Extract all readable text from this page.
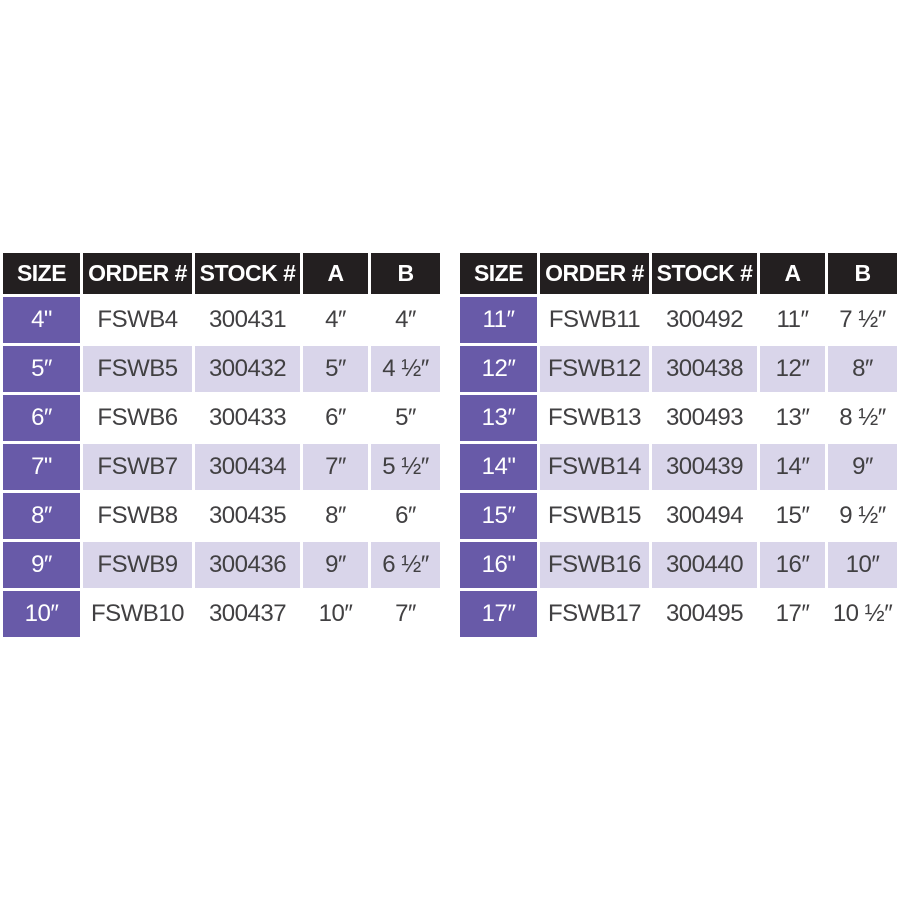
SIZE	ORDER #	STOCK #	A	B
4"	FSWB4	300431	4″	4″
5″	FSWB5	300432	5″	4 ½″
6″	FSWB6	300433	6″	5″
7"	FSWB7	300434	7″	5 ½″
8″	FSWB8	300435	8″	6″
9″	FSWB9	300436	9″	6 ½″
10″	FSWB10	300437	10″	7″
SIZE	ORDER #	STOCK #	A	B
11″	FSWB11	300492	11″	7 ½″
12″	FSWB12	300438	12″	8″
13″	FSWB13	300493	13″	8 ½″
14"	FSWB14	300439	14″	9″
15″	FSWB15	300494	15″	9 ½″
16"	FSWB16	300440	16″	10″
17″	FSWB17	300495	17″	10 ½″
